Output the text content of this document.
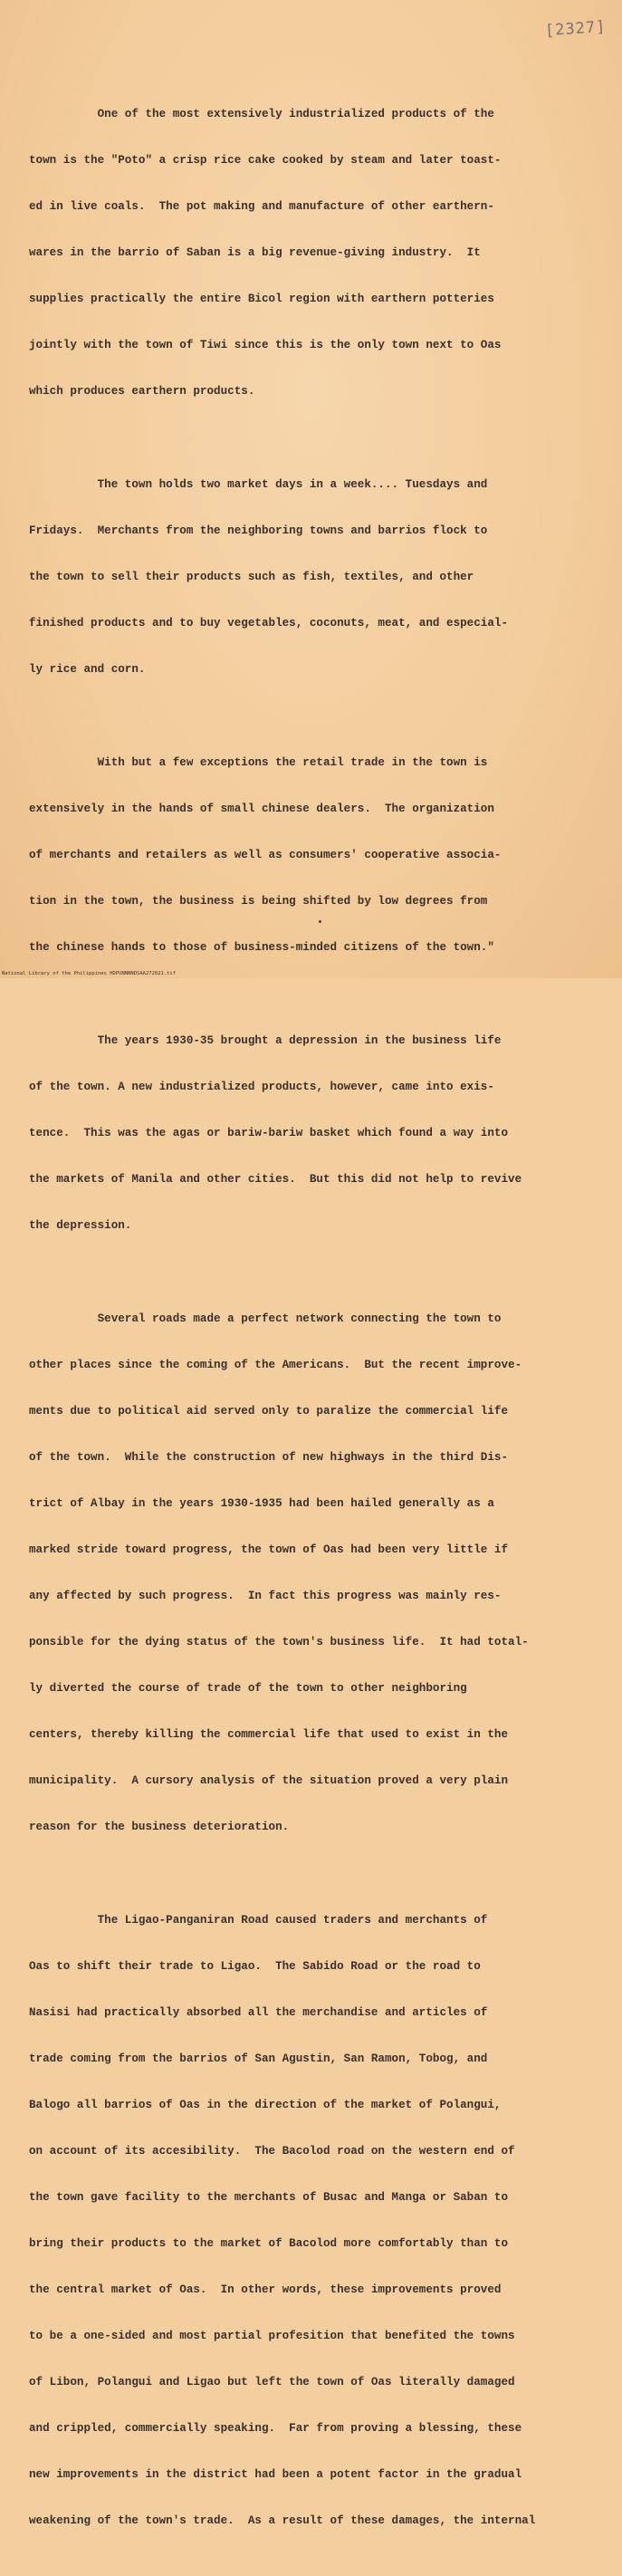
[2327]

One of the most extensively industrialized products of the

town is the "Poto" a crisp rice cake cooked by steam and later toast-

ed in live coals.  The pot making and manufacture of other earthern-

wares in the barrio of Saban is a big revenue-giving industry.  It

supplies practically the entire Bicol region with earthern potteries

jointly with the town of Tiwi since this is the only town next to Oas

which produces earthern products.

The town holds two market days in a week.... Tuesdays and

Fridays.  Merchants from the neighboring towns and barrios flock to

the town to sell their products such as fish, textiles, and other

finished products and to buy vegetables, coconuts, meat, and especial-

ly rice and corn.

With but a few exceptions the retail trade in the town is

extensively in the hands of small chinese dealers.  The organization

of merchants and retailers as well as consumers' cooperative associa-

tion in the town, the business is being shifted by low degrees from

the chinese hands to those of business-minded citizens of the town."

The years 1930-35 brought a depression in the business life

of the town. A new industrialized products, however, came into exis-

tence.  This was the agas or bariw-bariw basket which found a way into

the markets of Manila and other cities.  But this did not help to revive

the depression.

Several roads made a perfect network connecting the town to

other places since the coming of the Americans.  But the recent improve-

ments due to political aid served only to paralize the commercial life

of the town.  While the construction of new highways in the third Dis-

trict of Albay in the years 1930-1935 had been hailed generally as a

marked stride toward progress, the town of Oas had been very little if

any affected by such progress.  In fact this progress was mainly res-

ponsible for the dying status of the town's business life.  It had total-

ly diverted the course of trade of the town to other neighboring

centers, thereby killing the commercial life that used to exist in the

municipality.  A cursory analysis of the situation proved a very plain

reason for the business deterioration.

The Ligao-Panganiran Road caused traders and merchants of

Oas to shift their trade to Ligao.  The Sabido Road or the road to

Nasisi had practically absorbed all the merchandise and articles of

trade coming from the barrios of San Agustin, San Ramon, Tobog, and

Balogo all barrios of Oas in the direction of the market of Polangui,

on account of its accesibility.  The Bacolod road on the western end of

the town gave facility to the merchants of Busac and Manga or Saban to

bring their products to the market of Bacolod more comfortably than to

the central market of Oas.  In other words, these improvements proved

to be a one-sided and most partial profesition that benefited the towns

of Libon, Polangui and Ligao but left the town of Oas literally damaged

and crippled, commercially speaking.  Far from proving a blessing, these

new improvements in the district had been a potent factor in the gradual

weakening of the town's trade.  As a result of these damages, the internal

National Library of the Philippines HDPUNNNNDSAA272021.tif
